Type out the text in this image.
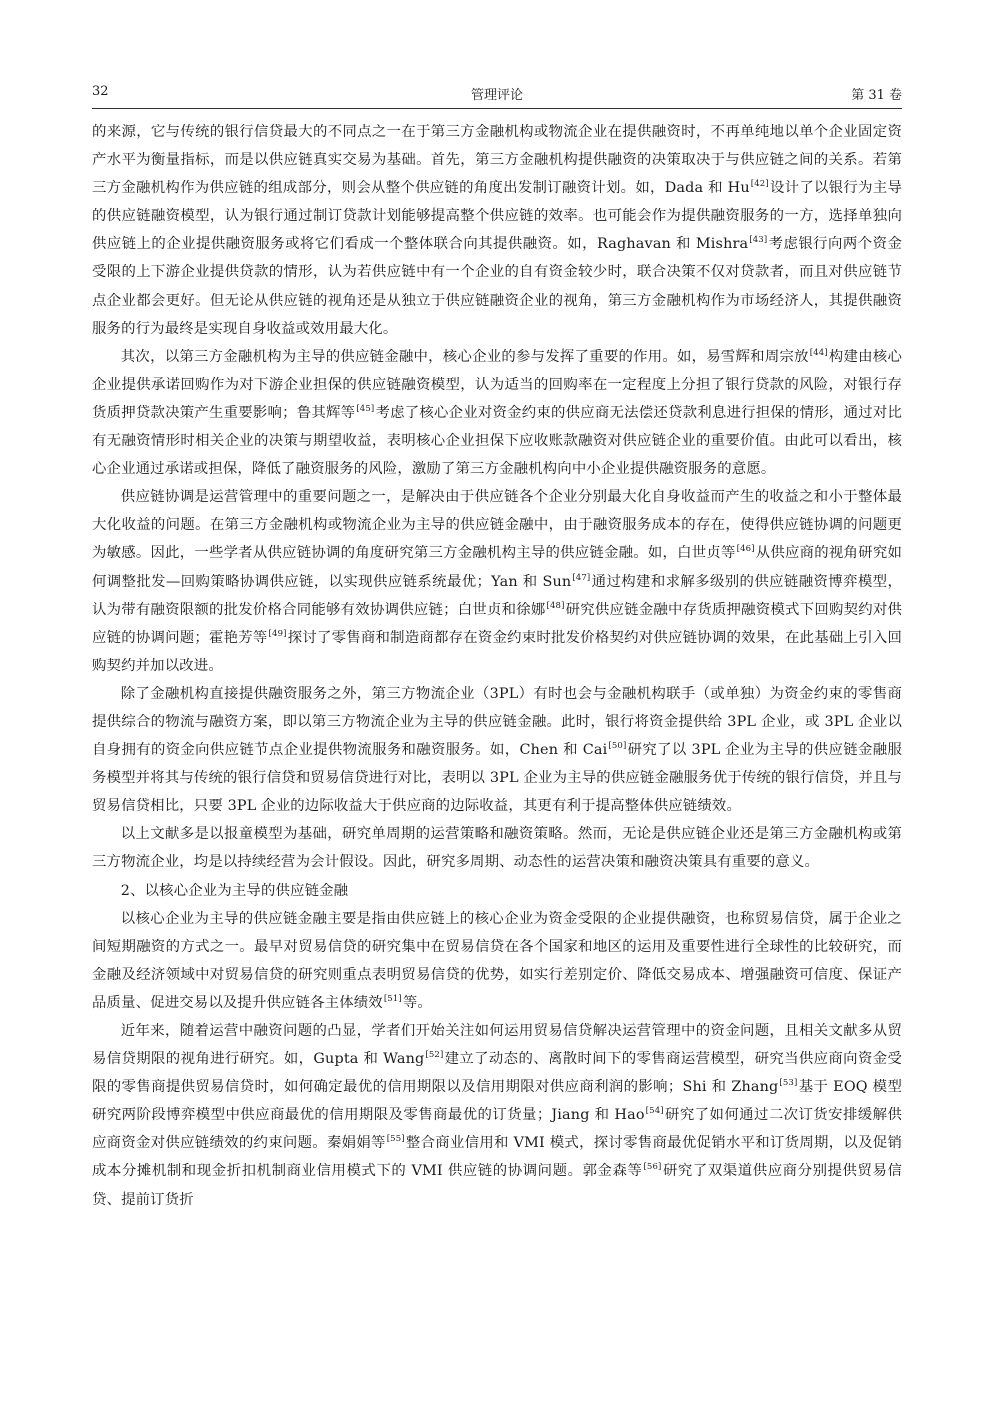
32	管理评论	第 31 卷

的来源，它与传统的银行信贷最大的不同点之一在于第三方金融机构或物流企业在提供融资时，不再单纯地以单个企业固定资产水平为衡量指标，而是以供应链真实交易为基础。首先，第三方金融机构提供融资的决策取决于与供应链之间的关系。若第三方金融机构作为供应链的组成部分，则会从整个供应链的角度出发制订融资计划。如，Dada 和 Hu[42]设计了以银行为主导的供应链融资模型，认为银行通过制订贷款计划能够提高整个供应链的效率。也可能会作为提供融资服务的一方，选择单独向供应链上的企业提供融资服务或将它们看成一个整体联合向其提供融资。如，Raghavan 和 Mishra[43]考虑银行向两个资金受限的上下游企业提供贷款的情形，认为若供应链中有一个企业的自有资金较少时，联合决策不仅对贷款者，而且对供应链节点企业都会更好。但无论从供应链的视角还是从独立于供应链融资企业的视角，第三方金融机构作为市场经济人，其提供融资服务的行为最终是实现自身收益或效用最大化。

其次，以第三方金融机构为主导的供应链金融中，核心企业的参与发挥了重要的作用。如，易雪辉和周宗放[44]构建由核心企业提供承诺回购作为对下游企业担保的供应链融资模型，认为适当的回购率在一定程度上分担了银行贷款的风险，对银行存货质押贷款决策产生重要影响；鲁其辉等[45]考虑了核心企业对资金约束的供应商无法偿还贷款利息进行担保的情形，通过对比有无融资情形时相关企业的决策与期望收益，表明核心企业担保下应收账款融资对供应链企业的重要价值。由此可以看出，核心企业通过承诺或担保，降低了融资服务的风险，激励了第三方金融机构向中小企业提供融资服务的意愿。

供应链协调是运营管理中的重要问题之一，是解决由于供应链各个企业分别最大化自身收益而产生的收益之和小于整体最大化收益的问题。在第三方金融机构或物流企业为主导的供应链金融中，由于融资服务成本的存在，使得供应链协调的问题更为敏感。因此，一些学者从供应链协调的角度研究第三方金融机构主导的供应链金融。如，白世贞等[46]从供应商的视角研究如何调整批发—回购策略协调供应链，以实现供应链系统最优；Yan 和 Sun[47]通过构建和求解多级别的供应链融资博弈模型，认为带有融资限额的批发价格合同能够有效协调供应链；白世贞和徐娜[48]研究供应链金融中存货质押融资模式下回购契约对供应链的协调问题；霍艳芳等[49]探讨了零售商和制造商都存在资金约束时批发价格契约对供应链协调的效果，在此基础上引入回购契约并加以改进。

除了金融机构直接提供融资服务之外，第三方物流企业（3PL）有时也会与金融机构联手（或单独）为资金约束的零售商提供综合的物流与融资方案，即以第三方物流企业为主导的供应链金融。此时，银行将资金提供给 3PL 企业，或 3PL 企业以自身拥有的资金向供应链节点企业提供物流服务和融资服务。如，Chen 和 Cai[50]研究了以 3PL 企业为主导的供应链金融服务模型并将其与传统的银行信贷和贸易信贷进行对比，表明以 3PL 企业为主导的供应链金融服务优于传统的银行信贷，并且与贸易信贷相比，只要 3PL 企业的边际收益大于供应商的边际收益，其更有利于提高整体供应链绩效。

以上文献多是以报童模型为基础，研究单周期的运营策略和融资策略。然而，无论是供应链企业还是第三方金融机构或第三方物流企业，均是以持续经营为会计假设。因此，研究多周期、动态性的运营决策和融资决策具有重要的意义。

2、以核心企业为主导的供应链金融

以核心企业为主导的供应链金融主要是指由供应链上的核心企业为资金受限的企业提供融资，也称贸易信贷，属于企业之间短期融资的方式之一。最早对贸易信贷的研究集中在贸易信贷在各个国家和地区的运用及重要性进行全球性的比较研究，而金融及经济领域中对贸易信贷的研究则重点表明贸易信贷的优势，如实行差别定价、降低交易成本、增强融资可信度、保证产品质量、促进交易以及提升供应链各主体绩效[51]等。

近年来，随着运营中融资问题的凸显，学者们开始关注如何运用贸易信贷解决运营管理中的资金问题，且相关文献多从贸易信贷期限的视角进行研究。如，Gupta 和 Wang[52]建立了动态的、离散时间下的零售商运营模型，研究当供应商向资金受限的零售商提供贸易信贷时，如何确定最优的信用期限以及信用期限对供应商利润的影响；Shi 和 Zhang[53]基于 EOQ 模型研究两阶段博弈模型中供应商最优的信用期限及零售商最优的订货量；Jiang 和 Hao[54]研究了如何通过二次订货安排缓解供应商资金对供应链绩效的约束问题。秦娟娟等[55]整合商业信用和 VMI 模式，探讨零售商最优促销水平和订货周期，以及促销成本分摊机制和现金折扣机制商业信用模式下的 VMI 供应链的协调问题。郭金森等[56]研究了双渠道供应商分别提供贸易信贷、提前订货折
